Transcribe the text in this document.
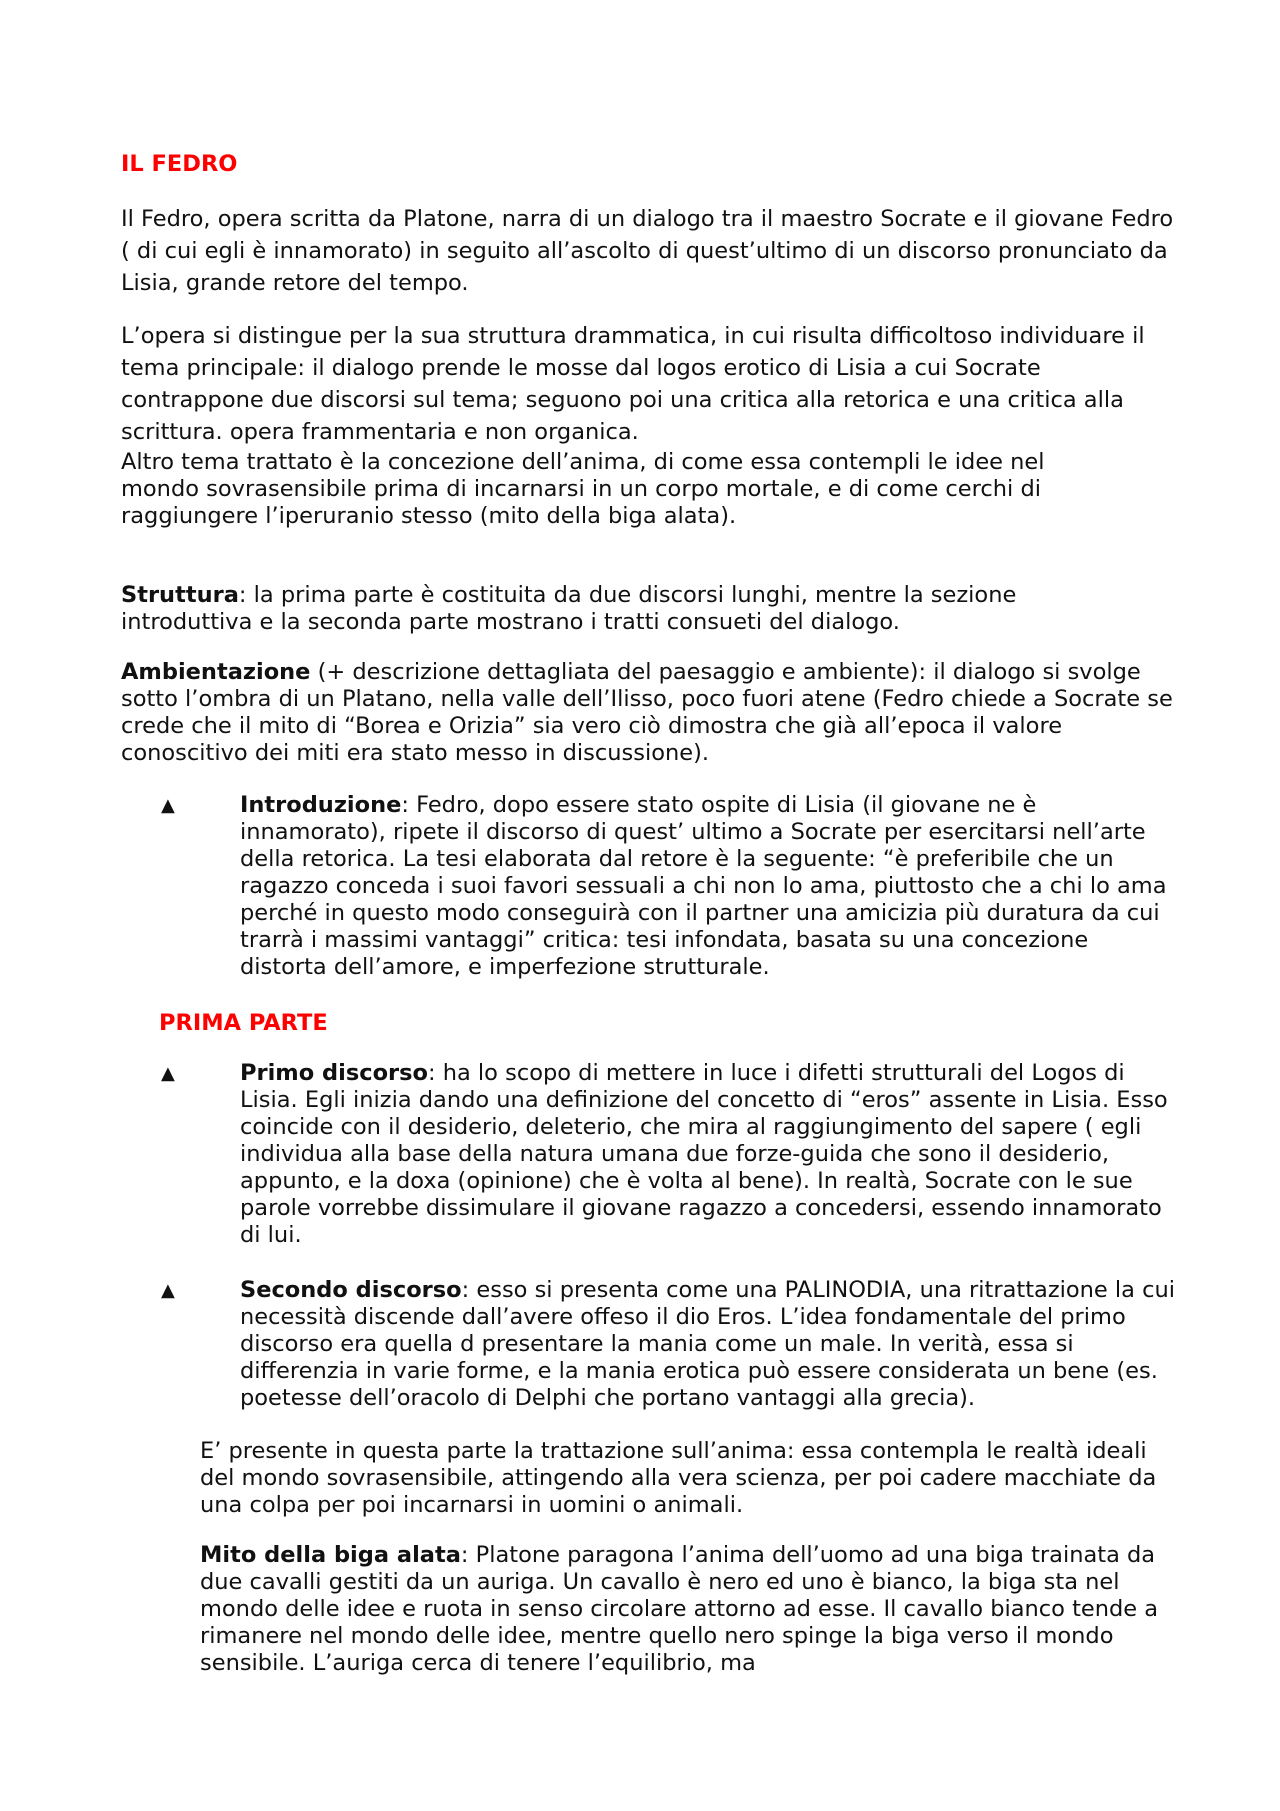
IL FEDRO

Il Fedro, opera scritta da Platone, narra di un dialogo tra il maestro Socrate e il giovane Fedro ( di cui egli è innamorato) in seguito all’ascolto di quest’ultimo di un discorso pronunciato da Lisia, grande retore del tempo.

L’opera si distingue per la sua struttura drammatica, in cui risulta difficoltoso individuare il tema principale: il dialogo prende le mosse dal logos erotico di Lisia a cui Socrate contrappone due discorsi sul tema; seguono poi una critica alla retorica e una critica alla scrittura. opera frammentaria e non organica.

Altro tema trattato è la concezione dell’anima, di come essa contempli le idee nel mondo sovrasensibile prima di incarnarsi in un corpo mortale, e di come cerchi di raggiungere l’iperuranio stesso (mito della biga alata).

Struttura: la prima parte è costituita da due discorsi lunghi, mentre la sezione introduttiva e la seconda parte mostrano i tratti consueti del dialogo.

Ambientazione (+ descrizione dettagliata del paesaggio e ambiente): il dialogo si svolge sotto l’ombra di un Platano, nella valle dell’Ilisso, poco fuori atene (Fedro chiede a Socrate se crede che il mito di “Borea e Orizia” sia vero ciò dimostra che già all’epoca il valore conoscitivo dei miti era stato messo in discussione).

▲	Introduzione: Fedro, dopo essere stato ospite di Lisia (il giovane ne è innamorato), ripete il discorso di quest’ ultimo a Socrate per esercitarsi nell’arte della retorica. La tesi elaborata dal retore è la seguente: “è preferibile che un ragazzo conceda i suoi favori sessuali a chi non lo ama, piuttosto che a chi lo ama perché in questo modo conseguirà con il partner una amicizia più duratura da cui trarrà i massimi vantaggi” critica: tesi infondata, basata su una concezione distorta dell’amore, e imperfezione strutturale.

PRIMA PARTE
▲	Primo discorso: ha lo scopo di mettere in luce i difetti strutturali del Logos di Lisia. Egli inizia dando una definizione del concetto di “eros” assente in Lisia. Esso coincide con il desiderio, deleterio, che mira al raggiungimento del sapere ( egli individua alla base della natura umana due forze-guida che sono il desiderio, appunto, e la doxa (opinione) che è volta al bene). In realtà, Socrate con le sue parole vorrebbe dissimulare il giovane ragazzo a concedersi, essendo innamorato di lui.

▲	Secondo discorso: esso si presenta come una PALINODIA, una ritrattazione la cui necessità discende dall’avere offeso il dio Eros. L’idea fondamentale del primo discorso era quella d presentare la mania come un male. In verità, essa si differenzia in varie forme, e la mania erotica può essere considerata un bene (es. poetesse dell’oracolo di Delphi che portano vantaggi alla grecia).

E’ presente in questa parte la trattazione sull’anima: essa contempla le realtà ideali del mondo sovrasensibile, attingendo alla vera scienza, per poi cadere macchiate da una colpa per poi incarnarsi in uomini o animali.

Mito della biga alata: Platone paragona l’anima dell’uomo ad una biga trainata da due cavalli gestiti da un auriga. Un cavallo è nero ed uno è bianco, la biga sta nel mondo delle idee e ruota in senso circolare attorno ad esse. Il cavallo bianco tende a rimanere nel mondo delle idee, mentre quello nero spinge la biga verso il mondo sensibile. L’auriga cerca di tenere l’equilibrio, ma
